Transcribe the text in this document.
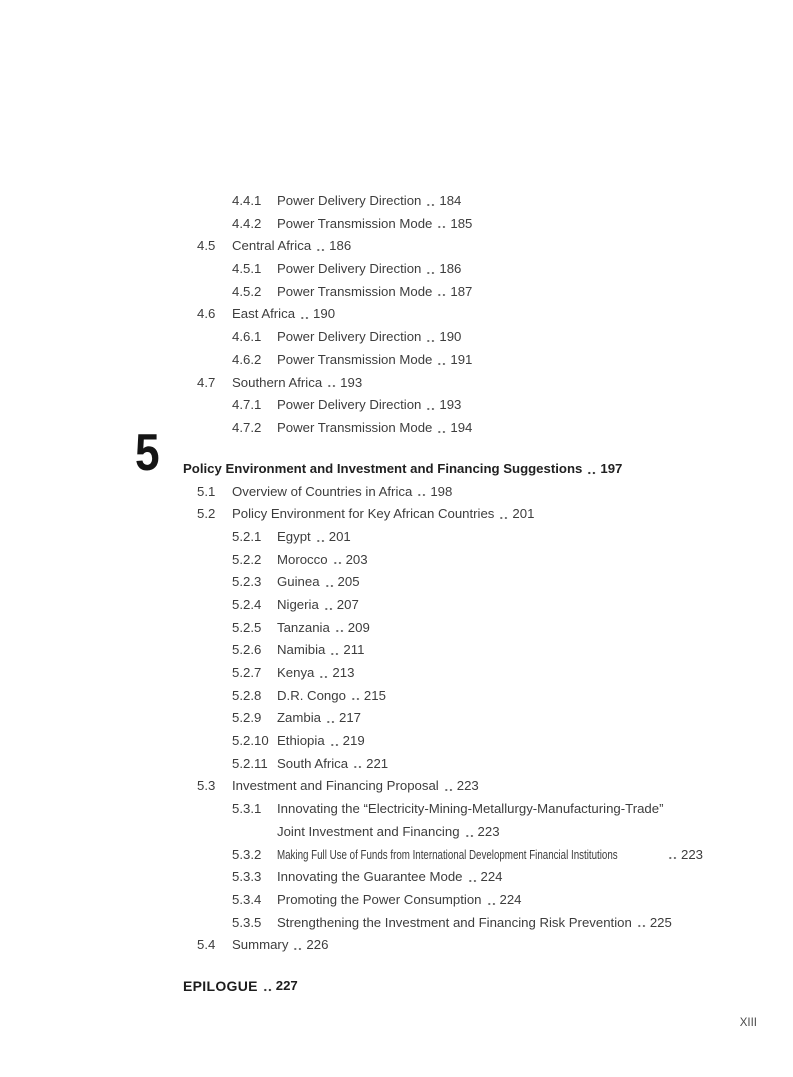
4.4.1	Power Delivery Direction 184
4.4.2	Power Transmission Mode 185
4.5	Central Africa 186
4.5.1	Power Delivery Direction 186
4.5.2	Power Transmission Mode 187
4.6	East Africa 190
4.6.1	Power Delivery Direction 190
4.6.2	Power Transmission Mode 191
4.7	Southern Africa 193
4.7.1	Power Delivery Direction 193
4.7.2	Power Transmission Mode 194
5 Policy Environment and Investment and Financing Suggestions 197
5.1	Overview of Countries in Africa 198
5.2	Policy Environment for Key African Countries 201
5.2.1	Egypt 201
5.2.2	Morocco 203
5.2.3	Guinea 205
5.2.4	Nigeria 207
5.2.5	Tanzania 209
5.2.6	Namibia 211
5.2.7	Kenya 213
5.2.8	D.R. Congo 215
5.2.9	Zambia 217
5.2.10 Ethiopia 219
5.2.11 South Africa 221
5.3	Investment and Financing Proposal 223
5.3.1	Innovating the “Electricity-Mining-Metallurgy-Manufacturing-Trade”
Joint Investment and Financing 223
5.3.2	Making Full Use of Funds from International Development Financial Institutions	223
5.3.3	Innovating the Guarantee Mode 224
5.3.4	Promoting the Power Consumption 224
5.3.5	Strengthening the Investment and Financing Risk Prevention 225
5.4	Summary 226
EPILOGUE 227
XIII
